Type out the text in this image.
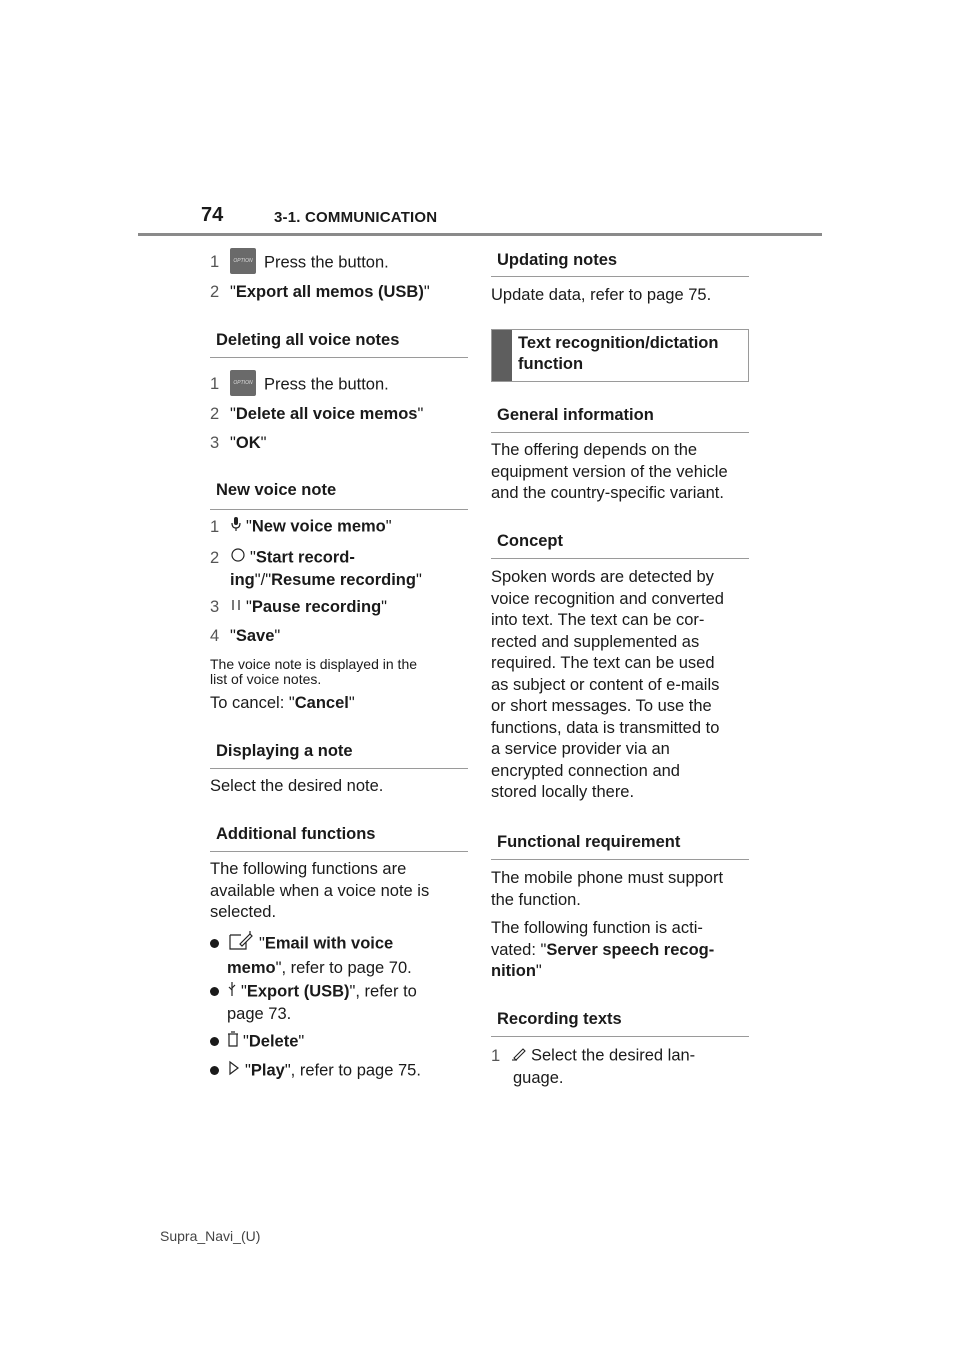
74	3-1. COMMUNICATION

1	OPTION Press the button.

2 "Export all memos (USB)"

Deleting all voice notes

1	OPTION Press the button.

2 "Delete all voice memos"

3 "OK"

New voice note

1 "New voice memo"

2 "Start record-
ing"/"Resume recording"

3 "Pause recording"

4 "Save"

The voice note is displayed in the
list of voice notes.

To cancel: "Cancel"

Displaying a note

Select the desired note.

Additional functions

The following functions are
available when a voice note is
selected.

"Email with voice
memo", refer to page 70.

"Export (USB)", refer to
page 73.

"Delete"

"Play", refer to page 75.

Updating notes

Update data, refer to page 75.

Text recognition/dictation
function
General information

The offering depends on the
equipment version of the vehicle
and the country-specific variant.

Concept

Spoken words are detected by
voice recognition and converted
into text. The text can be cor-
rected and supplemented as
required. The text can be used
as subject or content of e-mails
or short messages. To use the
functions, data is transmitted to
a service provider via an
encrypted connection and
stored locally there.

Functional requirement

The mobile phone must support
the function.

The following function is acti-
vated: "Server speech recog-
nition"

Recording texts

1 Select the desired lan-
guage.

Supra_Navi_(U)
